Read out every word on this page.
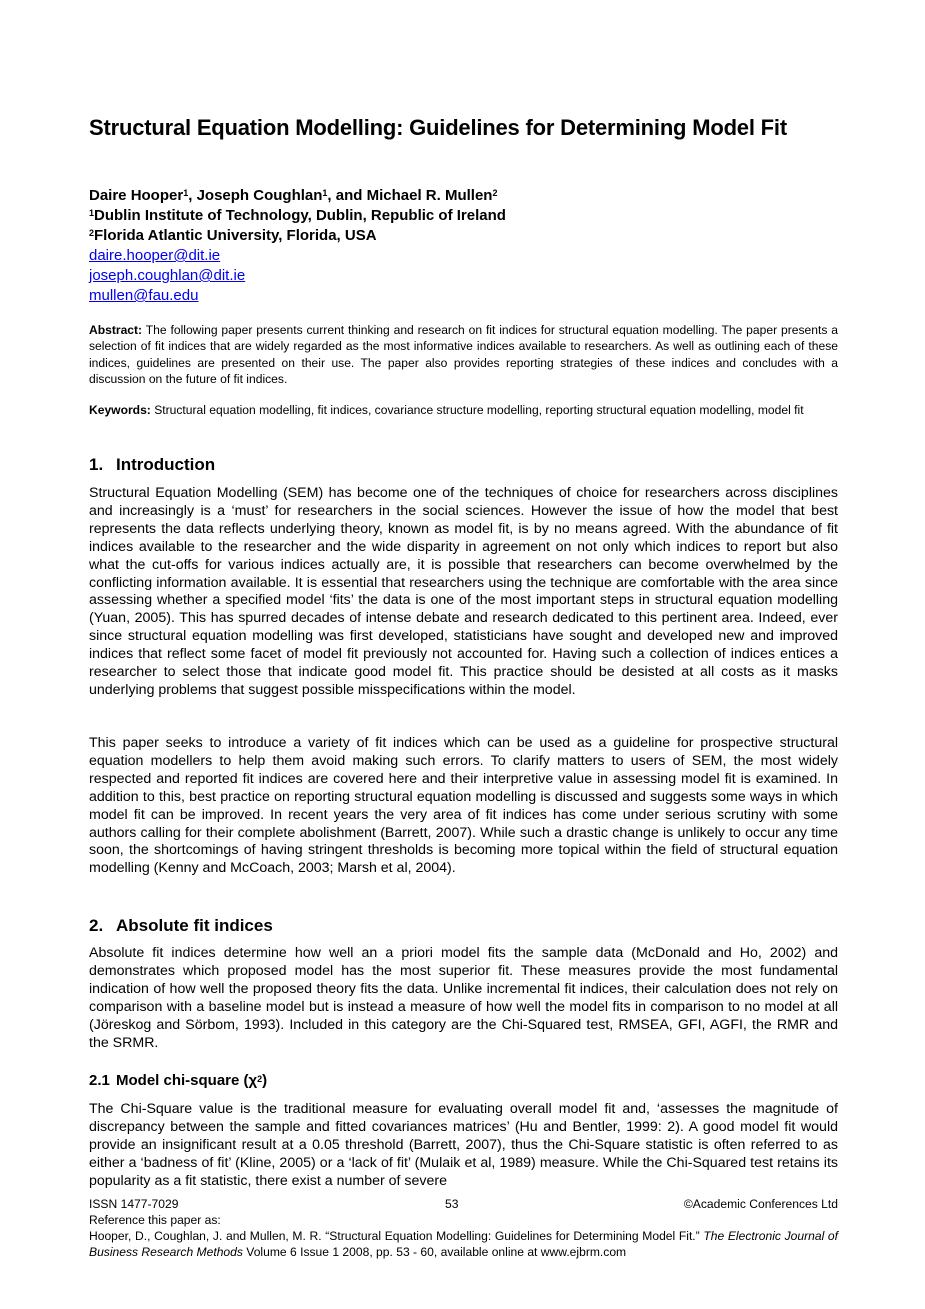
Structural Equation Modelling: Guidelines for Determining Model Fit
Daire Hooper$^1$, Joseph Coughlan$^1$, and Michael R. Mullen$^2$
$^1$Dublin Institute of Technology, Dublin, Republic of Ireland
$^2$Florida Atlantic University, Florida, USA
daire.hooper@dit.ie
joseph.coughlan@dit.ie
mullen@fau.edu
Abstract: The following paper presents current thinking and research on fit indices for structural equation modelling. The paper presents a selection of fit indices that are widely regarded as the most informative indices available to researchers. As well as outlining each of these indices, guidelines are presented on their use. The paper also provides reporting strategies of these indices and concludes with a discussion on the future of fit indices.
Keywords: Structural equation modelling, fit indices, covariance structure modelling, reporting structural equation modelling, model fit
1. Introduction
Structural Equation Modelling (SEM) has become one of the techniques of choice for researchers across disciplines and increasingly is a ‘must’ for researchers in the social sciences. However the issue of how the model that best represents the data reflects underlying theory, known as model fit, is by no means agreed. With the abundance of fit indices available to the researcher and the wide disparity in agreement on not only which indices to report but also what the cut-offs for various indices actually are, it is possible that researchers can become overwhelmed by the conflicting information available. It is essential that researchers using the technique are comfortable with the area since assessing whether a specified model ‘fits’ the data is one of the most important steps in structural equation modelling (Yuan, 2005). This has spurred decades of intense debate and research dedicated to this pertinent area. Indeed, ever since structural equation modelling was first developed, statisticians have sought and developed new and improved indices that reflect some facet of model fit previously not accounted for. Having such a collection of indices entices a researcher to select those that indicate good model fit. This practice should be desisted at all costs as it masks underlying problems that suggest possible misspecifications within the model.
This paper seeks to introduce a variety of fit indices which can be used as a guideline for prospective structural equation modellers to help them avoid making such errors. To clarify matters to users of SEM, the most widely respected and reported fit indices are covered here and their interpretive value in assessing model fit is examined. In addition to this, best practice on reporting structural equation modelling is discussed and suggests some ways in which model fit can be improved. In recent years the very area of fit indices has come under serious scrutiny with some authors calling for their complete abolishment (Barrett, 2007). While such a drastic change is unlikely to occur any time soon, the shortcomings of having stringent thresholds is becoming more topical within the field of structural equation modelling (Kenny and McCoach, 2003; Marsh et al, 2004).
2. Absolute fit indices
Absolute fit indices determine how well an a priori model fits the sample data (McDonald and Ho, 2002) and demonstrates which proposed model has the most superior fit. These measures provide the most fundamental indication of how well the proposed theory fits the data. Unlike incremental fit indices, their calculation does not rely on comparison with a baseline model but is instead a measure of how well the model fits in comparison to no model at all (Jöreskog and Sörbom, 1993). Included in this category are the Chi-Squared test, RMSEA, GFI, AGFI, the RMR and the SRMR.
2.1 Model chi-square $(\chi^2)$
The Chi-Square value is the traditional measure for evaluating overall model fit and, ‘assesses the magnitude of discrepancy between the sample and fitted covariances matrices’ (Hu and Bentler, 1999: 2). A good model fit would provide an insignificant result at a 0.05 threshold (Barrett, 2007), thus the Chi-Square statistic is often referred to as either a ‘badness of fit’ (Kline, 2005) or a ‘lack of fit’ (Mulaik et al, 1989) measure. While the Chi-Squared test retains its popularity as a fit statistic, there exist a number of severe
ISSN 1477-7029	53	©Academic Conferences Ltd
Reference this paper as:
Hooper, D., Coughlan, J. and Mullen, M. R. “Structural Equation Modelling: Guidelines for Determining Model Fit.” The Electronic Journal of Business Research Methods Volume 6 Issue 1 2008, pp. 53 - 60, available online at www.ejbrm.com
